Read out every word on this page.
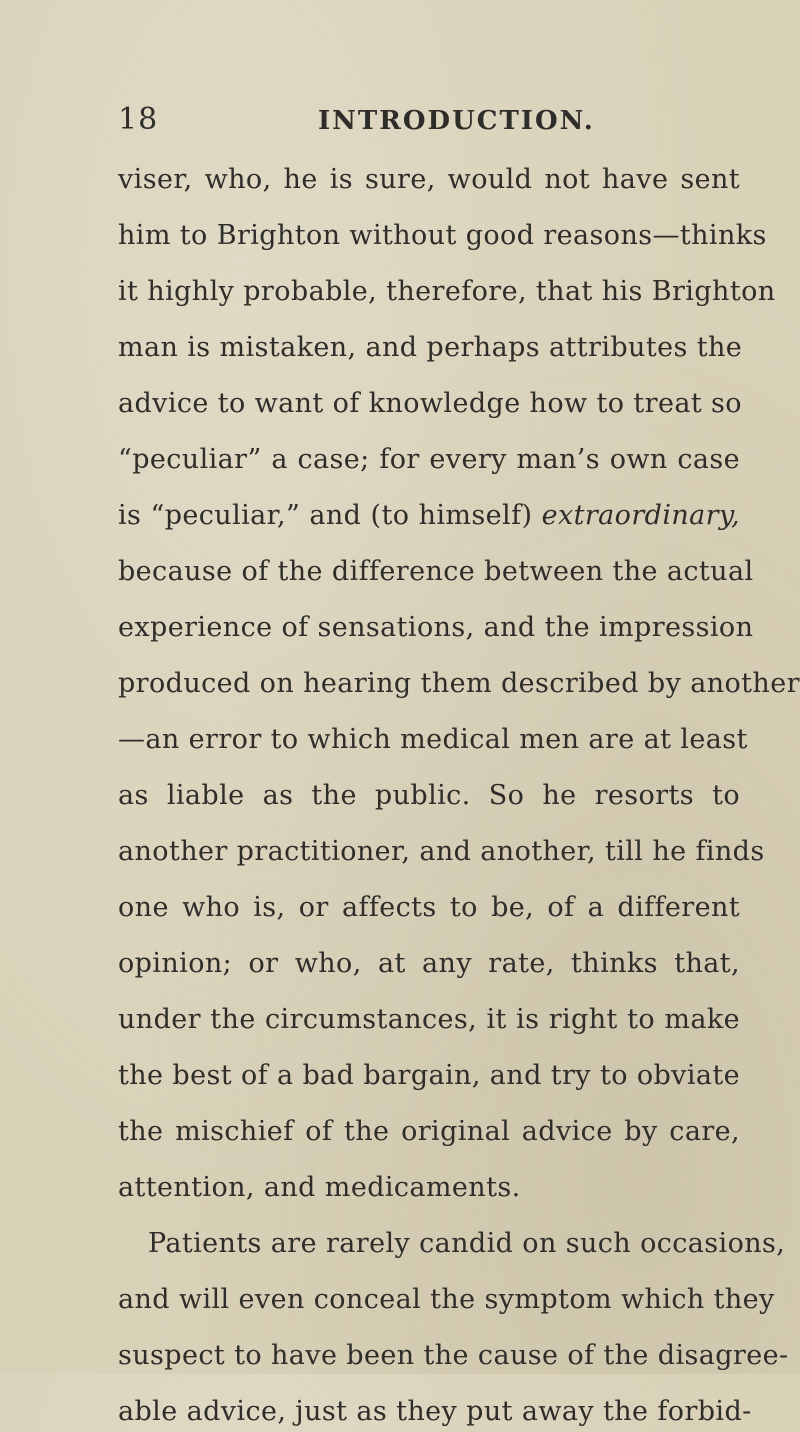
18	INTRODUCTION.
viser, who, he is sure, would not have sent
him to Brighton without good reasons—thinks
it highly probable, therefore, that his Brighton
man is mistaken, and perhaps attributes the
advice to want of knowledge how to treat so
“peculiar” a case; for every man’s own case
is “peculiar,” and (to himself) extraordinary,
because of the difference between the actual
experience of sensations, and the impression
produced on hearing them described by another
—an error to which medical men are at least
as liable as the public. So he resorts to
another practitioner, and another, till he finds
one who is, or affects to be, of a different
opinion; or who, at any rate, thinks that,
under the circumstances, it is right to make
the best of a bad bargain, and try to obviate
the mischief of the original advice by care,
attention, and medicaments.
Patients are rarely candid on such occasions,
and will even conceal the symptom which they
suspect to have been the cause of the disagree-
able advice, just as they put away the forbid-
